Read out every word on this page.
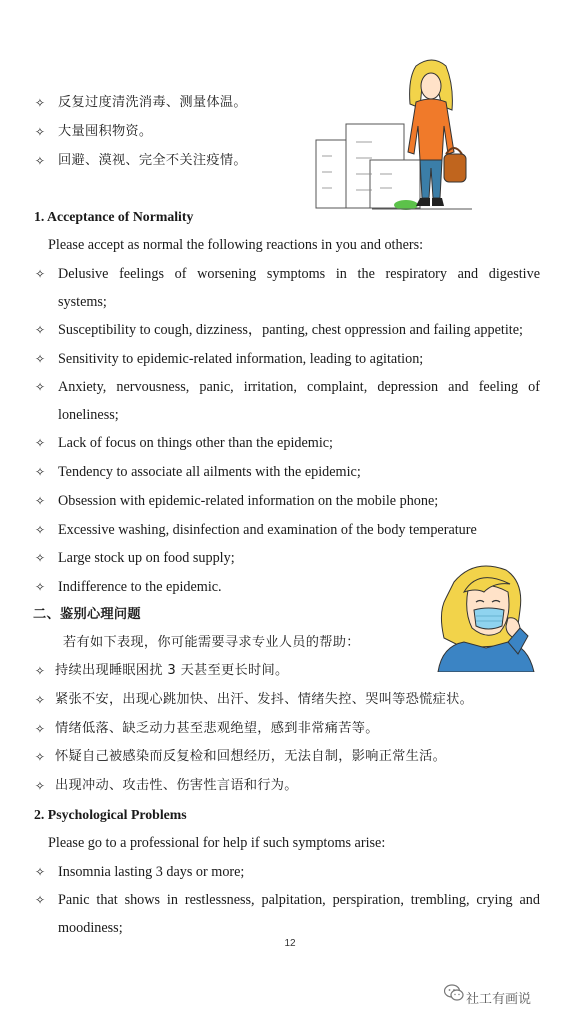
✧ 反复过度清洗消毒、测量体温。
✧ 大量囤积物资。
✧ 回避、漠视、完全不关注疫情。
1. Acceptance of Normality
Please accept as normal the following reactions in you and others:
✧ Delusive feelings of worsening symptoms in the respiratory and digestive
systems;
✧ Susceptibility to cough, dizziness，panting, chest oppression and failing appetite;
✧ Sensitivity to epidemic-related information, leading to agitation;
✧ Anxiety, nervousness, panic, irritation, complaint, depression and feeling of
loneliness;
✧ Lack of focus on things other than the epidemic;
✧ Tendency to associate all ailments with the epidemic;
✧ Obsession with epidemic-related information on the mobile phone;
✧ Excessive washing, disinfection and examination of the body temperature
✧ Large stock up on food supply;
✧ Indifference to the epidemic.
二、鉴别心理问题
若有如下表现，你可能需要寻求专业人员的帮助：
✧ 持续出现睡眠困扰 3 天甚至更长时间。
✧ 紧张不安，出现心跳加快、出汗、发抖、情绪失控、哭叫等恐慌症状。
✧ 情绪低落、缺乏动力甚至悲观绝望，感到非常痛苦等。
✧ 怀疑自己被感染而反复检和回想经历，无法自制，影响正常生活。
✧ 出现冲动、攻击性、伤害性言语和行为。
2. Psychological Problems
Please go to a professional for help if such symptoms arise:
✧ Insomnia lasting 3 days or more;
✧ Panic that shows in restlessness, palpitation, perspiration, trembling, crying and
moodiness;
12
社工有画说
